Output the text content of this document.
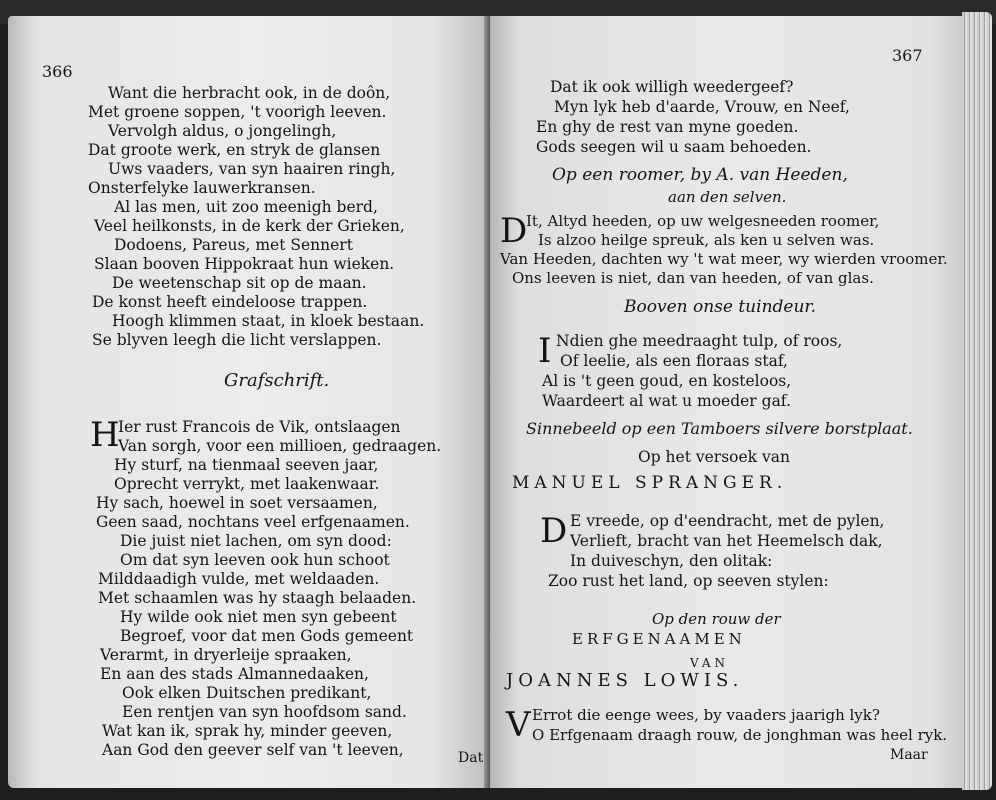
366
Want die herbracht ook, in de doôn,
Met groene soppen, 't voorigh leeven.
Vervolgh aldus, o jongelingh,
Dat groote werk, en stryk de glansen
Uws vaaders, van syn haairen ringh,
Onsterfelyke lauwerkransen.
Al las men, uit zoo meenigh berd,
Veel heilkonsts, in de kerk der Grieken,
Dodoens, Pareus, met Sennert
Slaan booven Hippokraat hun wieken.
De weetenschap sit op de maan.
De konst heeft eindeloose trappen.
Hoogh klimmen staat, in kloek bestaan.
Se blyven leegh die licht verslappen.
Grafschrift.
H
Ier rust Francois de Vik, ontslaagen
Van sorgh, voor een millioen, gedraagen.
Hy sturf, na tienmaal seeven jaar,
Oprecht verrykt, met laakenwaar.
Hy sach, hoewel in soet versaamen,
Geen saad, nochtans veel erfgenaamen.
Die juist niet lachen, om syn dood:
Om dat syn leeven ook hun schoot
Milddaadigh vulde, met weldaaden.
Met schaamlen was hy staagh belaaden.
Hy wilde ook niet men syn gebeent
Begroef, voor dat men Gods gemeent
Verarmt, in dryerleije spraaken,
En aan des stads Almannedaaken,
Ook elken Duitschen predikant,
Een rentjen van syn hoofdsom sand.
Wat kan ik, sprak hy, minder geeven,
Aan God den geever self van 't leeven,	Dat
367
Dat ik ook willigh weedergeef?
Myn lyk heb d'aarde, Vrouw, en Neef,
En ghy de rest van myne goeden.
Gods seegen wil u saam behoeden.
Op een roomer, by A. van Heeden,
aan den selven.
D
It, Altyd heeden, op uw welgesneeden roomer,
Is alzoo heilge spreuk, als ken u selven was.
Van Heeden, dachten wy 't wat meer, wy wierden vroomer.
Ons leeven is niet, dan van heeden, of van glas.
Booven onse tuindeur.
I Ndien ghe meedraaght tulp, of roos,
Of leelie, als een floraas staf,
Al is 't geen goud, en kosteloos,
Waardeert al wat u moeder gaf.
Sinnebeeld op een Tamboers silvere borstplaat.
Op het versoek van
MANUEL SPRANGER.
D E vreede, op d'eendracht, met de pylen,
Verlieft, bracht van het Heemelsch dak,
In duiveschyn, den olitak:
Zoo rust het land, op seeven stylen:
Op den rouw der
ERFGENAAMEN
VAN
JOANNES LOWIS.
V Errot die eenge wees, by vaaders jaarigh lyk?
O Erfgenaam draagh rouw, de jonghman was heel ryk.
Maar
